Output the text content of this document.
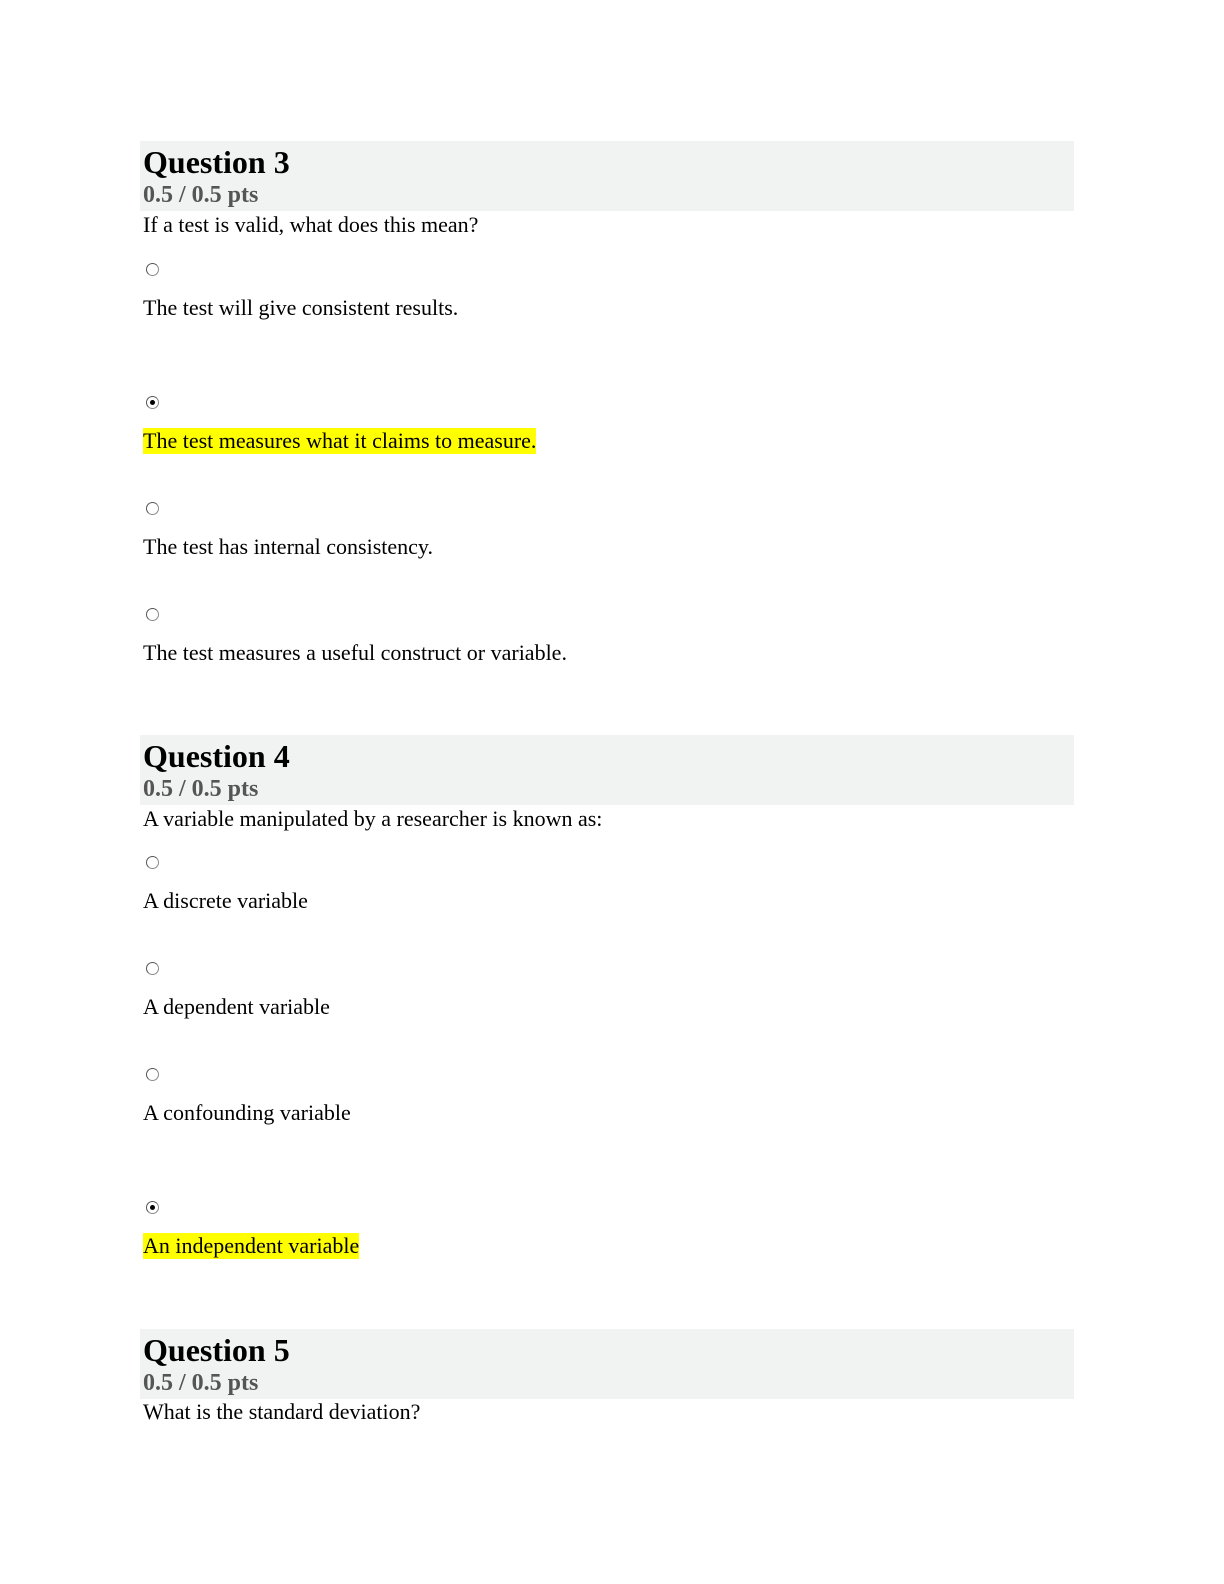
Question 3
0.5 / 0.5 pts
If a test is valid, what does this mean?
The test will give consistent results.
The test measures what it claims to measure.
The test has internal consistency.
The test measures a useful construct or variable.
Question 4
0.5 / 0.5 pts
A variable manipulated by a researcher is known as:
A discrete variable
A dependent variable
A confounding variable
An independent variable
Question 5
0.5 / 0.5 pts
What is the standard deviation?
